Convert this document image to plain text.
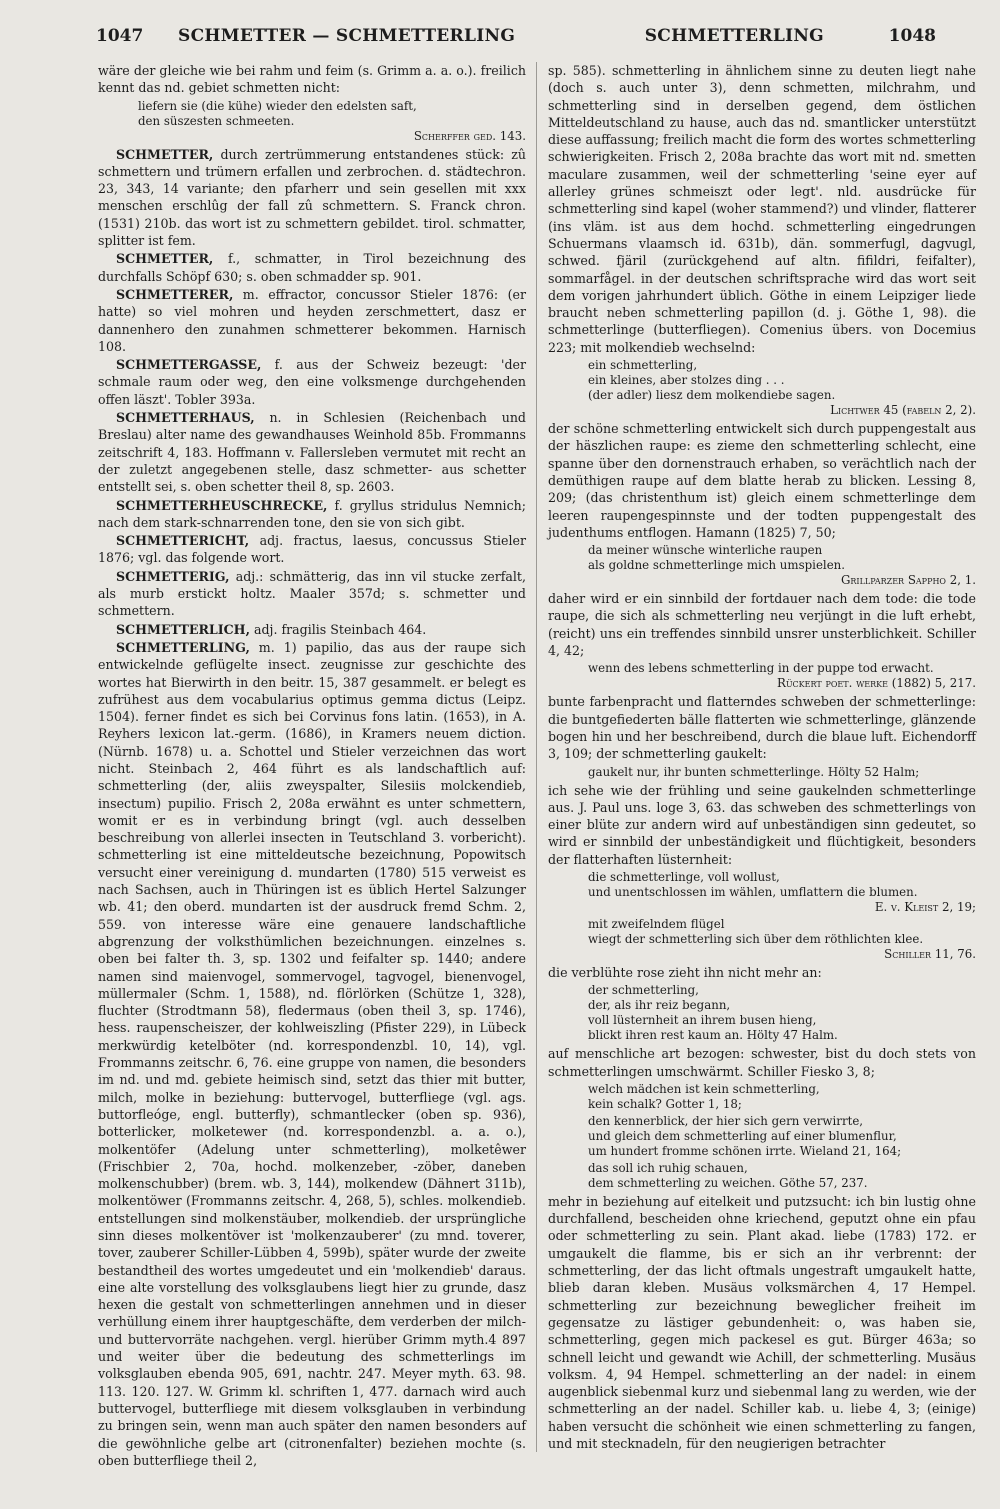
1047 SCHMETTER — SCHMETTERLING	SCHMETTERLING	1048

wäre der gleiche wie bei rahm und feim (s. Grimm a. a. o.). freilich kennt das nd. gebiet schmetten nicht:

liefern sie (die kühe) wieder den edelsten saft,
den süszesten schmeeten.
Scherffer ged. 143.

SCHMETTER, durch zertrümmerung entstandenes stück: zû schmettern und trümern erfallen und zerbrochen. d. städtechron. 23, 343, 14 variante; den pfarherr und sein gesellen mit xxx menschen erschlûg der fall zû schmettern. S. Franck chron. (1531) 210b. das wort ist zu schmettern gebildet. tirol. schmatter, splitter ist fem.

SCHMETTER, f., schmatter, in Tirol bezeichnung des durchfalls Schöpf 630; s. oben schmadder sp. 901.

SCHMETTERER, m. effractor, concussor Stieler 1876: (er hatte) so viel mohren und heyden zerschmettert, dasz er dannenhero den zunahmen schmetterer bekommen. Harnisch 108.

SCHMETTERGASSE, f. aus der Schweiz bezeugt: 'der schmale raum oder weg, den eine volksmenge durchgehenden offen läszt'. Tobler 393a.

SCHMETTERHAUS, n. in Schlesien (Reichenbach und Breslau) alter name des gewandhauses Weinhold 85b. Frommanns zeitschrift 4, 183. Hoffmann v. Fallersleben vermutet mit recht an der zuletzt angegebenen stelle, dasz schmetter- aus schetter entstellt sei, s. oben schetter theil 8, sp. 2603.

SCHMETTERHEUSCHRECKE, f. gryllus stridulus Nemnich; nach dem stark-schnarrenden tone, den sie von sich gibt.

SCHMETTERICHT, adj. fractus, laesus, concussus Stieler 1876; vgl. das folgende wort.

SCHMETTERIG, adj.: schmätterig, das inn vil stucke zerfalt, als murb erstickt holtz. Maaler 357d; s. schmetter und schmettern.

SCHMETTERLICH, adj. fragilis Steinbach 464.

SCHMETTERLING, m. 1) papilio, das aus der raupe sich entwickelnde geflügelte insect. zeugnisse zur geschichte des wortes hat Bierwirth in den beitr. 15, 387 gesammelt. er belegt es zufrühest aus dem vocabularius optimus gemma dictus (Leipz. 1504). ferner findet es sich bei Corvinus fons latin. (1653), in A. Reyhers lexicon lat.-germ. (1686), in Kramers neuem diction. (Nürnb. 1678) u. a. Schottel und Stieler verzeichnen das wort nicht. Steinbach 2, 464 führt es als landschaftlich auf: schmetterling (der, aliis zweyspalter, Silesiis molckendieb, insectum) pupilio. Frisch 2, 208a erwähnt es unter schmettern, womit er es in verbindung bringt (vgl. auch desselben beschreibung von allerlei insecten in Teutschland 3. vorbericht). schmetterling ist eine mitteldeutsche bezeichnung, Popowitsch versucht einer vereinigung d. mundarten (1780) 515 verweist es nach Sachsen, auch in Thüringen ist es üblich Hertel Salzunger wb. 41; den oberd. mundarten ist der ausdruck fremd Schm. 2, 559. von interesse wäre eine genauere landschaftliche abgrenzung der volksthümlichen bezeichnungen. einzelnes s. oben bei falter th. 3, sp. 1302 und feifalter sp. 1440; andere namen sind maienvogel, sommervogel, tagvogel, bienenvogel, müllermaler (Schm. 1, 1588), nd. flörlörken (Schütze 1, 328), fluchter (Strodtmann 58), fledermaus (oben theil 3, sp. 1746), hess. raupenscheiszer, der kohlweiszling (Pfister 229), in Lübeck merkwürdig ketelböter (nd. korrespondenzbl. 10, 14), vgl. Frommanns zeitschr. 6, 76. eine gruppe von namen, die besonders im nd. und md. gebiete heimisch sind, setzt das thier mit butter, milch, molke in beziehung: buttervogel, butterfliege (vgl. ags. buttorfleóge, engl. butterfly), schmantlecker (oben sp. 936), botterlicker, molketewer (nd. korrespondenzbl. a. a. o.), molkentöfer (Adelung unter schmetterling), molketêwer (Frischbier 2, 70a, hochd. molkenzeber, -zöber, daneben molkenschubber) (brem. wb. 3, 144), molkendew (Dähnert 311b), molkentöwer (Frommanns zeitschr. 4, 268, 5), schles. molkendieb. entstellungen sind molkenstäuber, molkendieb. der ursprüngliche sinn dieses molkentöver ist 'molkenzauberer' (zu mnd. toverer, tover, zauberer Schiller-Lübben 4, 599b), später wurde der zweite bestandtheil des wortes umgedeutet und ein 'molkendieb' daraus. eine alte vorstellung des volksglaubens liegt hier zu grunde, dasz hexen die gestalt von schmetterlingen annehmen und in dieser verhüllung einem ihrer hauptgeschäfte, dem verderben der milch- und buttervorräte nachgehen. vergl. hierüber Grimm myth.4 897 und weiter über die bedeutung des schmetterlings im volksglauben ebenda 905, 691, nachtr. 247. Meyer myth. 63. 98. 113. 120. 127. W. Grimm kl. schriften 1, 477. darnach wird auch buttervogel, butterfliege mit diesem volksglauben in verbindung zu bringen sein, wenn man auch später den namen besonders auf die gewöhnliche gelbe art (citronenfalter) beziehen mochte (s. oben butterfliege theil 2,

sp. 585). schmetterling in ähnlichem sinne zu deuten liegt nahe (doch s. auch unter 3), denn schmetten, milchrahm, und schmetterling sind in derselben gegend, dem östlichen Mitteldeutschland zu hause, auch das nd. smantlicker unterstützt diese auffassung; freilich macht die form des wortes schmetterling schwierigkeiten. Frisch 2, 208a brachte das wort mit nd. smetten maculare zusammen, weil der schmetterling 'seine eyer auf allerley grünes schmeiszt oder legt'. nld. ausdrücke für schmetterling sind kapel (woher stammend?) und vlinder, flatterer (ins vläm. ist aus dem hochd. schmetterling eingedrungen Schuermans vlaamsch id. 631b), dän. sommerfugl, dagvugl, schwed. fjäril (zurückgehend auf altn. fifildri, feifalter), sommarfågel. in der deutschen schriftsprache wird das wort seit dem vorigen jahrhundert üblich. Göthe in einem Leipziger liede braucht neben schmetterling papillon (d. j. Göthe 1, 98). die schmetterlinge (butterfliegen). Comenius übers. von Docemius 223; mit molkendieb wechselnd:

ein schmetterling,
ein kleines, aber stolzes ding . . .
(der adler) liesz dem molkendiebe sagen.
Lichtwer 45 (fabeln 2, 2).

der schöne schmetterling entwickelt sich durch puppengestalt aus der häszlichen raupe: es zieme den schmetterling schlecht, eine spanne über den dornenstrauch erhaben, so verächtlich nach der demüthigen raupe auf dem blatte herab zu blicken. Lessing 8, 209; (das christenthum ist) gleich einem schmetterlinge dem leeren raupengespinnste und der todten puppengestalt des judenthums entflogen. Hamann (1825) 7, 50;

da meiner wünsche winterliche raupen
als goldne schmetterlinge mich umspielen.
Grillparzer Sappho 2, 1.

daher wird er ein sinnbild der fortdauer nach dem tode: die tode raupe, die sich als schmetterling neu verjüngt in die luft erhebt, (reicht) uns ein treffendes sinnbild unsrer unsterblichkeit. Schiller 4, 42;

wenn des lebens schmetterling in der puppe tod erwacht.
Rückert poet. werke (1882) 5, 217.

bunte farbenpracht und flatterndes schweben der schmetterlinge: die buntgefiederten bälle flatterten wie schmetterlinge, glänzende bogen hin und her beschreibend, durch die blaue luft. Eichendorff 3, 109; der schmetterling gaukelt:

gaukelt nur, ihr bunten schmetterlinge. Hölty 52 Halm;

ich sehe wie der frühling und seine gaukelnden schmetterlinge aus. J. Paul uns. loge 3, 63. das schweben des schmetterlings von einer blüte zur andern wird auf unbeständigen sinn gedeutet, so wird er sinnbild der unbeständigkeit und flüchtigkeit, besonders der flatterhaften lüsternheit:

die schmetterlinge, voll wollust,
und unentschlossen im wählen, umflattern die blumen.
E. v. Kleist 2, 19;
mit zweifelndem flügel
wiegt der schmetterling sich über dem röthlichten klee.
Schiller 11, 76.

die verblühte rose zieht ihn nicht mehr an:

der schmetterling,
der, als ihr reiz begann,
voll lüsternheit an ihrem busen hieng,
blickt ihren rest kaum an. Hölty 47 Halm.

auf menschliche art bezogen: schwester, bist du doch stets von schmetterlingen umschwärmt. Schiller Fiesko 3, 8;

welch mädchen ist kein schmetterling,
kein schalk? Gotter 1, 18;
den kennerblick, der hier sich gern verwirrte,
und gleich dem schmetterling auf einer blumenflur,
um hundert fromme schönen irrte. Wieland 21, 164;
das soll ich ruhig schauen,
dem schmetterling zu weichen. Göthe 57, 237.

mehr in beziehung auf eitelkeit und putzsucht: ich bin lustig ohne durchfallend, bescheiden ohne kriechend, geputzt ohne ein pfau oder schmetterling zu sein. Plant akad. liebe (1783) 172. er umgaukelt die flamme, bis er sich an ihr verbrennt: der schmetterling, der das licht oftmals ungestraft umgaukelt hatte, blieb daran kleben. Musäus volksmärchen 4, 17 Hempel. schmetterling zur bezeichnung beweglicher freiheit im gegensatze zu lästiger gebundenheit: o, was haben sie, schmetterling, gegen mich packesel es gut. Bürger 463a; so schnell leicht und gewandt wie Achill, der schmetterling. Musäus volksm. 4, 94 Hempel. schmetterling an der nadel: in einem augenblick siebenmal kurz und siebenmal lang zu werden, wie der schmetterling an der nadel. Schiller kab. u. liebe 4, 3; (einige) haben versucht die schönheit wie einen schmetterling zu fangen, und mit stecknadeln, für den neugierigen betrachter
